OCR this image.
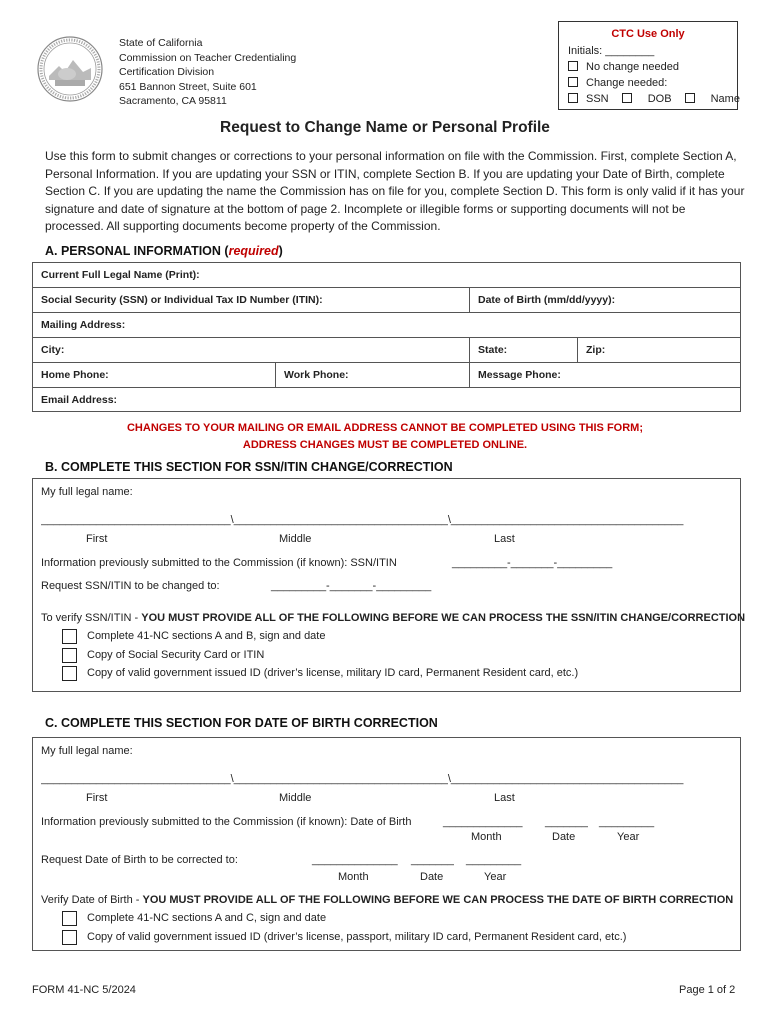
State of California
Commission on Teacher Credentialing
Certification Division
651 Bannon Street, Suite 601
Sacramento, CA 95811
CTC Use Only
Initials: ________
No change needed
Change needed:
SSN	DOB	Name
Request to Change Name or Personal Profile
Use this form to submit changes or corrections to your personal information on file with the Commission. First, complete Section A, Personal Information. If you are updating your SSN or ITIN, complete Section B. If you are updating your Date of Birth, complete Section C. If you are updating the name the Commission has on file for you, complete Section D. This form is only valid if it has your signature and date of signature at the bottom of page 2. Incomplete or illegible forms or supporting documents will not be processed. All supporting documents become property of the Commission.
A. PERSONAL INFORMATION (required)
Current Full Legal Name (Print):
Social Security (SSN) or Individual Tax ID Number (ITIN):	Date of Birth (mm/dd/yyyy):
Mailing Address:
City:	State:	Zip:
Home Phone:	Work Phone:	Message Phone:
Email Address:
CHANGES TO YOUR MAILING OR EMAIL ADDRESS CANNOT BE COMPLETED USING THIS FORM;
ADDRESS CHANGES MUST BE COMPLETED ONLINE.
B. COMPLETE THIS SECTION FOR SSN/ITIN CHANGE/CORRECTION
My full legal name:
_______________________________\___________________________________\______________________________________
First	Middle	Last
Information previously submitted to the Commission (if known): SSN/ITIN	_________-_______-_________
Request SSN/ITIN to be changed to:	_________-_______-_________
To verify SSN/ITIN - YOU MUST PROVIDE ALL OF THE FOLLOWING BEFORE WE CAN PROCESS THE SSN/ITIN CHANGE/CORRECTION
Complete 41-NC sections A and B, sign and date
Copy of Social Security Card or ITIN
Copy of valid government issued ID (driver’s license, military ID card, Permanent Resident card, etc.)
C. COMPLETE THIS SECTION FOR DATE OF BIRTH CORRECTION
My full legal name:
_______________________________\___________________________________\______________________________________
First	Middle	Last
Information previously submitted to the Commission (if known): Date of Birth	_____________ _______ _________
Month	Date	Year
Request Date of Birth to be corrected to:	______________ _______ _________
Month	Date	Year
Verify Date of Birth - YOU MUST PROVIDE ALL OF THE FOLLOWING BEFORE WE CAN PROCESS THE DATE OF BIRTH CORRECTION
Complete 41-NC sections A and C, sign and date
Copy of valid government issued ID (driver’s license, passport, military ID card, Permanent Resident card, etc.)
FORM 41-NC 5/2024	Page 1 of 2
